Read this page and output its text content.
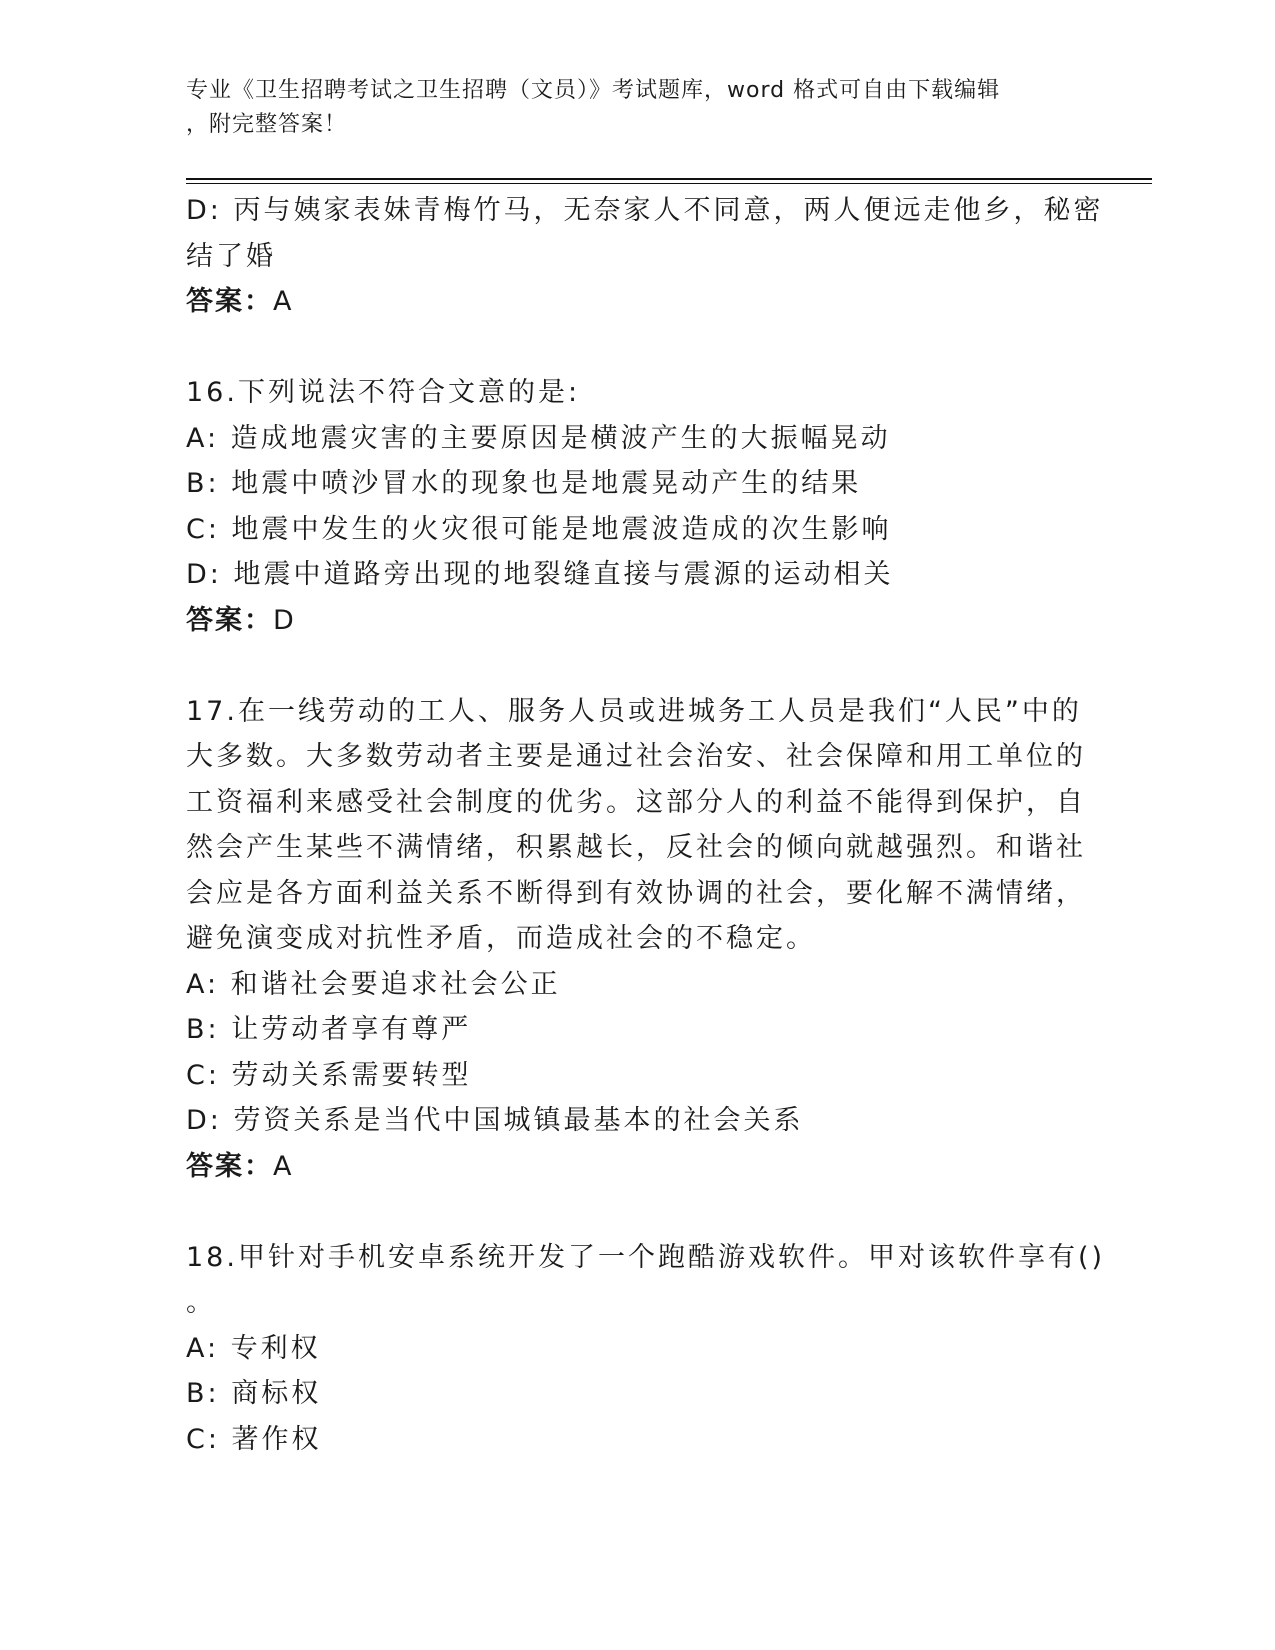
专业《卫生招聘考试之卫生招聘（文员）》考试题库，word 格式可自由下载编辑
，附完整答案！
D: 丙与姨家表妹青梅竹马，无奈家人不同意，两人便远走他乡，秘密
结了婚
答案：A
16.下列说法不符合文意的是:
A: 造成地震灾害的主要原因是横波产生的大振幅晃动
B: 地震中喷沙冒水的现象也是地震晃动产生的结果
C: 地震中发生的火灾很可能是地震波造成的次生影响
D: 地震中道路旁出现的地裂缝直接与震源的运动相关
答案：D
17.在一线劳动的工人、服务人员或进城务工人员是我们“人民”中的
大多数。大多数劳动者主要是通过社会治安、社会保障和用工单位的
工资福利来感受社会制度的优劣。这部分人的利益不能得到保护，自
然会产生某些不满情绪，积累越长，反社会的倾向就越强烈。和谐社
会应是各方面利益关系不断得到有效协调的社会，要化解不满情绪，
避免演变成对抗性矛盾，而造成社会的不稳定。
A: 和谐社会要追求社会公正
B: 让劳动者享有尊严
C: 劳动关系需要转型
D: 劳资关系是当代中国城镇最基本的社会关系
答案：A
18.甲针对手机安卓系统开发了一个跑酷游戏软件。甲对该软件享有()
。
A: 专利权
B: 商标权
C: 著作权
